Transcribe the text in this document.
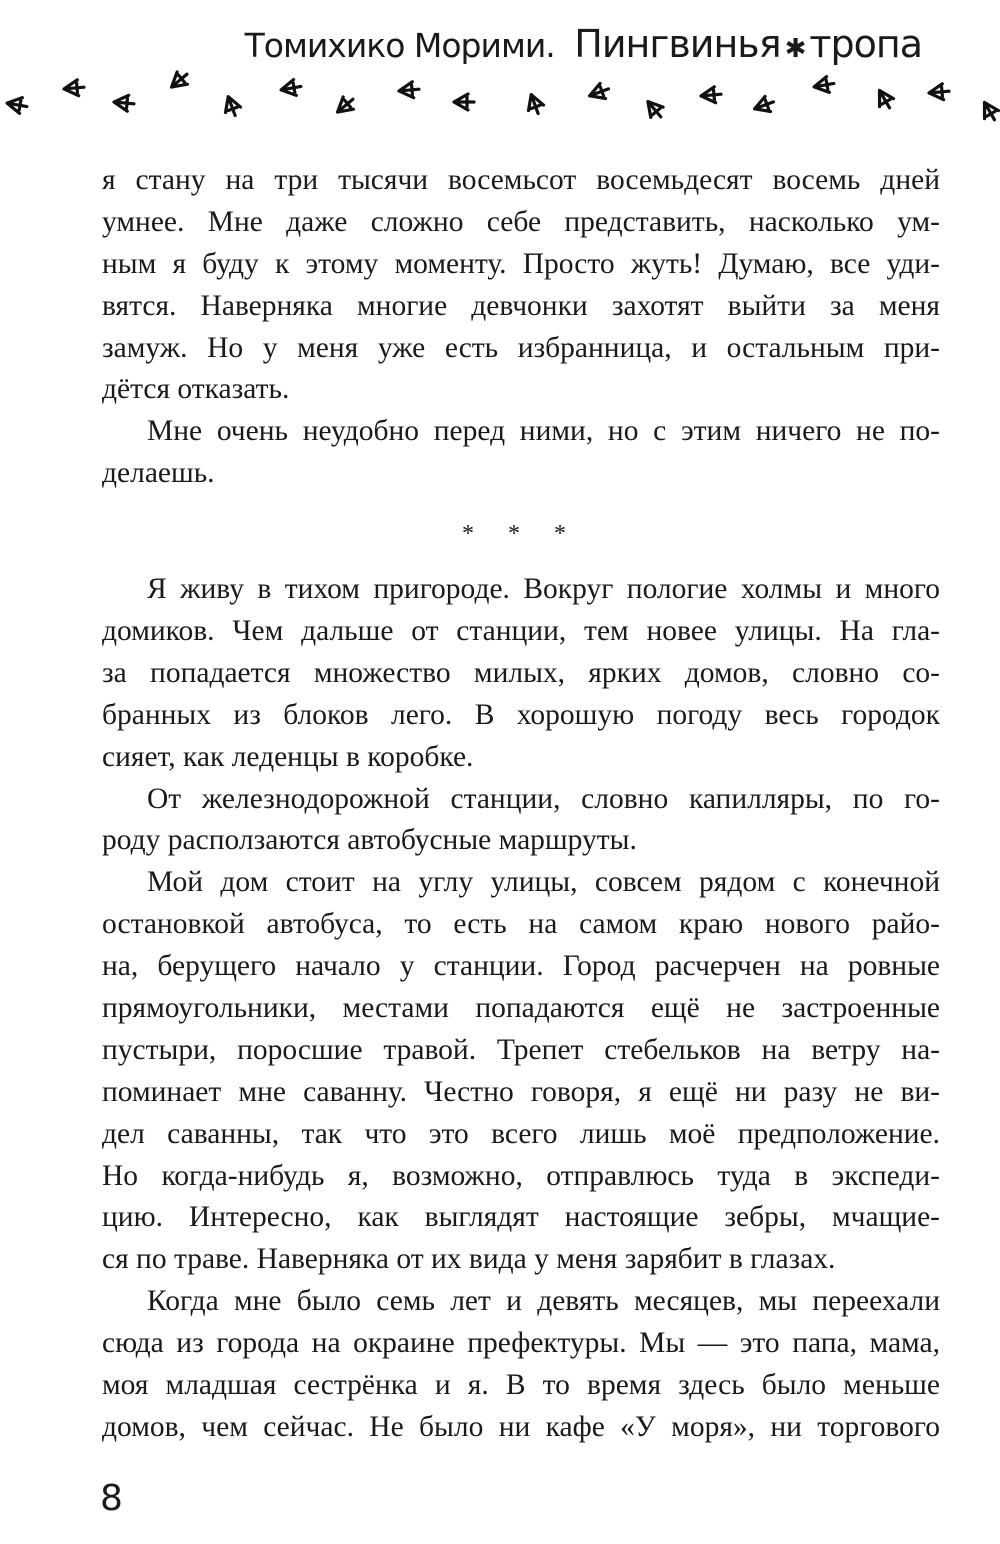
Томихико Морими. Пингвинья ✱ тропа
я стану на три тысячи восемьсот восемьдесят восемь дней
умнее. Мне даже сложно себе представить, насколько ум-
ным я буду к этому моменту. Просто жуть! Думаю, все уди-
вятся. Наверняка многие девчонки захотят выйти за меня
замуж. Но у меня уже есть избранница, и остальным при-
дётся отказать.
Мне очень неудобно перед ними, но с этим ничего не по-
делаешь.
* * *
Я живу в тихом пригороде. Вокруг пологие холмы и много
домиков. Чем дальше от станции, тем новее улицы. На гла-
за попадается множество милых, ярких домов, словно со-
бранных из блоков лего. В хорошую погоду весь городок
сияет, как леденцы в коробке.
От железнодорожной станции, словно капилляры, по го-
роду расползаются автобусные маршруты.
Мой дом стоит на углу улицы, совсем рядом с конечной
остановкой автобуса, то есть на самом краю нового райо-
на, берущего начало у станции. Город расчерчен на ровные
прямоугольники, местами попадаются ещё не застроенные
пустыри, поросшие травой. Трепет стебельков на ветру на-
поминает мне саванну. Честно говоря, я ещё ни разу не ви-
дел саванны, так что это всего лишь моё предположение.
Но когда-нибудь я, возможно, отправлюсь туда в экспеди-
цию. Интересно, как выглядят настоящие зебры, мчащие-
ся по траве. Наверняка от их вида у меня зарябит в глазах.
Когда мне было семь лет и девять месяцев, мы переехали
сюда из города на окраине префектуры. Мы — это папа, мама,
моя младшая сестрёнка и я. В то время здесь было меньше
домов, чем сейчас. Не было ни кафе «У моря», ни торгового
8
